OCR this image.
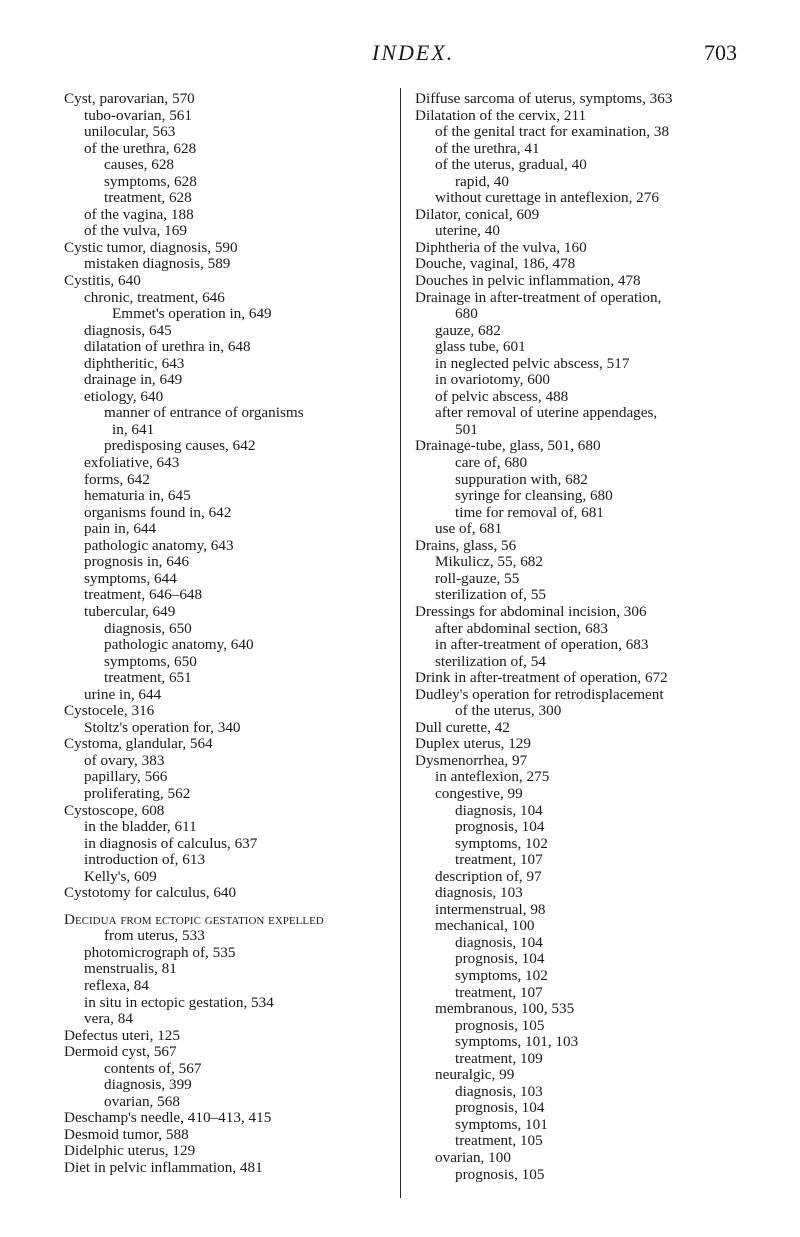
INDEX.	703
Cyst, parovarian, 570
tubo-ovarian, 561
unilocular, 563
of the urethra, 628
causes, 628
symptoms, 628
treatment, 628
of the vagina, 188
of the vulva, 169
Cystic tumor, diagnosis, 590
mistaken diagnosis, 589
Cystitis, 640
chronic, treatment, 646
Emmet's operation in, 649
diagnosis, 645
dilatation of urethra in, 648
diphtheritic, 643
drainage in, 649
etiology, 640
manner of entrance of organisms
in, 641
predisposing causes, 642
exfoliative, 643
forms, 642
hematuria in, 645
organisms found in, 642
pain in, 644
pathologic anatomy, 643
prognosis in, 646
symptoms, 644
treatment, 646–648
tubercular, 649
diagnosis, 650
pathologic anatomy, 640
symptoms, 650
treatment, 651
urine in, 644
Cystocele, 316
Stoltz's operation for, 340
Cystoma, glandular, 564
of ovary, 383
papillary, 566
proliferating, 562
Cystoscope, 608
in the bladder, 611
in diagnosis of calculus, 637
introduction of, 613
Kelly's, 609
Cystotomy for calculus, 640
Decidua from ectopic gestation expelled
from uterus, 533
photomicrograph of, 535
menstrualis, 81
reflexa, 84
in situ in ectopic gestation, 534
vera, 84
Defectus uteri, 125
Dermoid cyst, 567
contents of, 567
diagnosis, 399
ovarian, 568
Deschamp's needle, 410–413, 415
Desmoid tumor, 588
Didelphic uterus, 129
Diet in pelvic inflammation, 481
Diffuse sarcoma of uterus, symptoms, 363
Dilatation of the cervix, 211
of the genital tract for examination, 38
of the urethra, 41
of the uterus, gradual, 40
rapid, 40
without curettage in anteflexion, 276
Dilator, conical, 609
uterine, 40
Diphtheria of the vulva, 160
Douche, vaginal, 186, 478
Douches in pelvic inflammation, 478
Drainage in after-treatment of operation,
680
gauze, 682
glass tube, 601
in neglected pelvic abscess, 517
in ovariotomy, 600
of pelvic abscess, 488
after removal of uterine appendages,
501
Drainage-tube, glass, 501, 680
care of, 680
suppuration with, 682
syringe for cleansing, 680
time for removal of, 681
use of, 681
Drains, glass, 56
Mikulicz, 55, 682
roll-gauze, 55
sterilization of, 55
Dressings for abdominal incision, 306
after abdominal section, 683
in after-treatment of operation, 683
sterilization of, 54
Drink in after-treatment of operation, 672
Dudley's operation for retrodisplacement
of the uterus, 300
Dull curette, 42
Duplex uterus, 129
Dysmenorrhea, 97
in anteflexion, 275
congestive, 99
diagnosis, 104
prognosis, 104
symptoms, 102
treatment, 107
description of, 97
diagnosis, 103
intermenstrual, 98
mechanical, 100
diagnosis, 104
prognosis, 104
symptoms, 102
treatment, 107
membranous, 100, 535
prognosis, 105
symptoms, 101, 103
treatment, 109
neuralgic, 99
diagnosis, 103
prognosis, 104
symptoms, 101
treatment, 105
ovarian, 100
prognosis, 105
